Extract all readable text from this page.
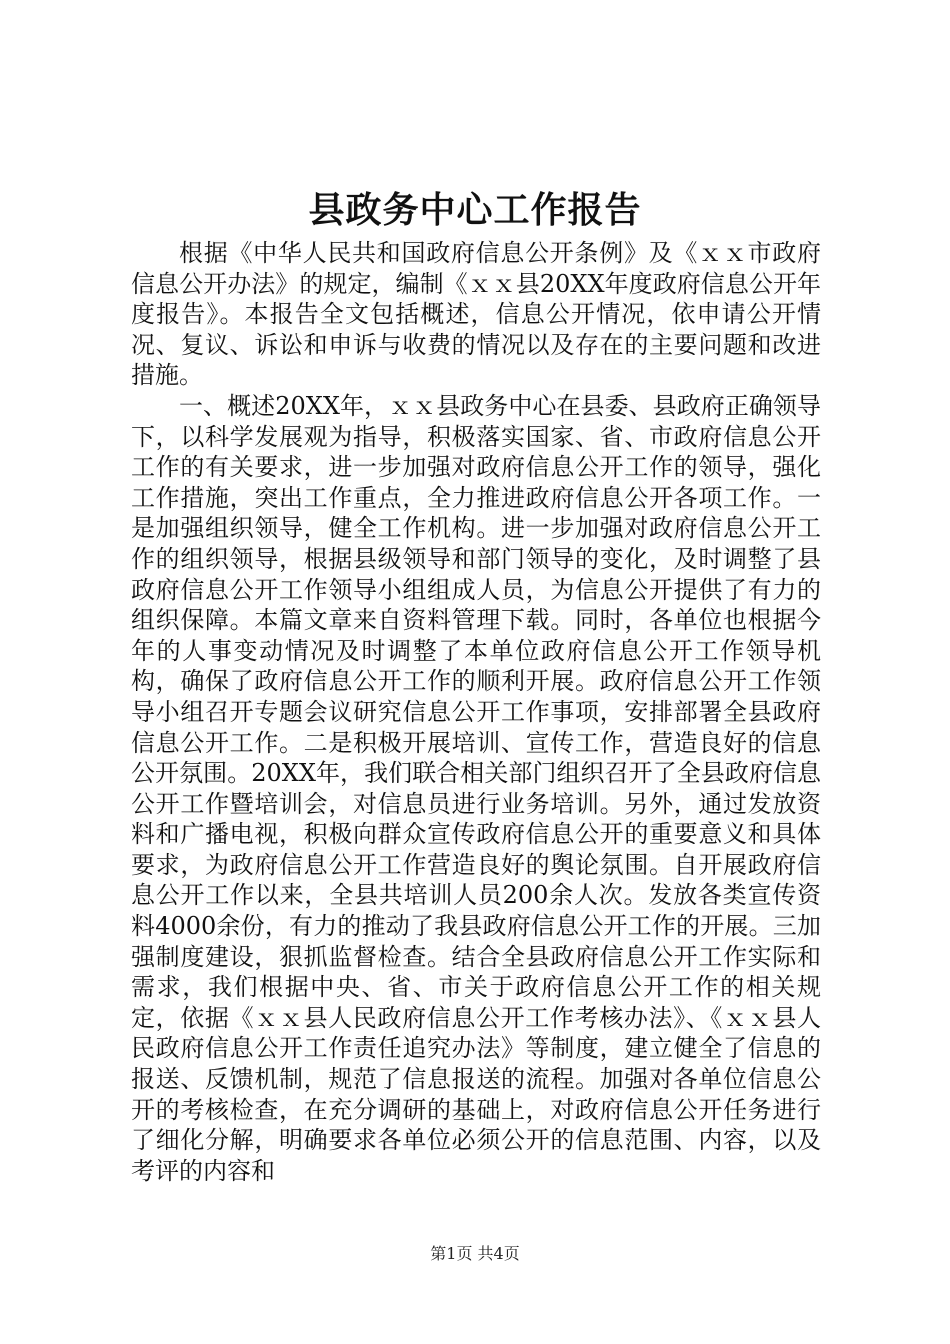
县政务中心工作报告

根据《中华人民共和国政府信息公开条例》及《ｘｘ市政府信息公开办法》的规定，编制《ｘｘ县20XX年度政府信息公开年度报告》。本报告全文包括概述，信息公开情况，依申请公开情况、复议、诉讼和申诉与收费的情况以及存在的主要问题和改进措施。

一、概述20XX年，ｘｘ县政务中心在县委、县政府正确领导下，以科学发展观为指导，积极落实国家、省、市政府信息公开工作的有关要求，进一步加强对政府信息公开工作的领导，强化工作措施，突出工作重点，全力推进政府信息公开各项工作。一是加强组织领导，健全工作机构。进一步加强对政府信息公开工作的组织领导，根据县级领导和部门领导的变化，及时调整了县政府信息公开工作领导小组组成人员，为信息公开提供了有力的组织保障。本篇文章来自资料管理下载。同时，各单位也根据今年的人事变动情况及时调整了本单位政府信息公开工作领导机构，确保了政府信息公开工作的顺利开展。政府信息公开工作领导小组召开专题会议研究信息公开工作事项，安排部署全县政府信息公开工作。二是积极开展培训、宣传工作，营造良好的信息公开氛围。20XX年，我们联合相关部门组织召开了全县政府信息公开工作暨培训会，对信息员进行业务培训。另外，通过发放资料和广播电视，积极向群众宣传政府信息公开的重要意义和具体要求，为政府信息公开工作营造良好的舆论氛围。自开展政府信息公开工作以来，全县共培训人员200余人次。发放各类宣传资料4000余份，有力的推动了我县政府信息公开工作的开展。三加强制度建设，狠抓监督检查。结合全县政府信息公开工作实际和需求，我们根据中央、省、市关于政府信息公开工作的相关规定，依据《ｘｘ县人民政府信息公开工作考核办法》、《ｘｘ县人民政府信息公开工作责任追究办法》等制度，建立健全了信息的报送、反馈机制，规范了信息报送的流程。加强对各单位信息公开的考核检查，在充分调研的基础上，对政府信息公开任务进行了细化分解，明确要求各单位必须公开的信息范围、内容，以及考评的内容和

第1页 共4页
